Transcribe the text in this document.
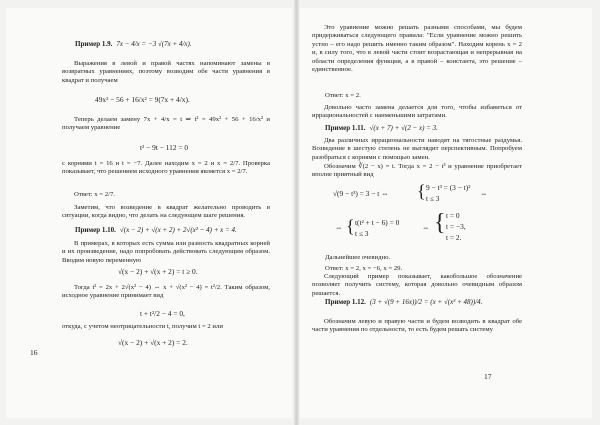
Пример 1.9. 7x − 4/x = −3 √(7x + 4/x).
Выражения в левой и правой частях напоминают замены в возвратных уравнениях, поэтому возводим обе части уравнения в квадрат и получаем
49x² − 56 + 16/x² = 9(7x + 4/x).
Теперь делаем замену 7x + 4/x = t ⇒ t² = 49x² + 56 + 16/x² и получаем уравнение
t² − 9t − 112 = 0
с корнями t = 16 и t = −7. Далее находим x = 2 и x = 2/7. Проверка показывает, что решением исходного уравнения является x = 2/7.
Ответ: x = 2/7.
Заметим, что возведение в квадрат желательно проводить в ситуации, когда видно, что делать на следующем шаге решения.
Пример 1.10. √(x − 2) + √(x + 2) + 2√(x² − 4) + x = 4.
В примерах, в которых есть сумма или разность квадратных корней и их произведение, надо попробовать действовать следующим образом. Вводим новую переменную
√(x − 2) + √(x + 2) = t ≥ 0.
Тогда t² = 2x + 2√(x² − 4) ⇔ x + √(x² − 4) = t²/2. Таким образом, исходное уравнение принимает вид
t + t²/2 − 4 = 0,
откуда, с учетом неотрицательности t, получим t = 2 или
√(x − 2) + √(x + 2) = 2.
16
Это уравнение можно решать разными способами, мы будем придерживаться следующего правила: "Если уравнение можно решить устно – его надо решить именно таким образом". Находим корень x = 2 и, в силу того, что в левой части стоит возрастающая и непрерывная на области определения функция, а в правой – константа, это решение – единственное.
Ответ: x = 2.
Довольно часто замена делается для того, чтобы избавиться от иррациональностей с наименьшими затратами.
Пример 1.11. √(x + 7) + √(2 − x) = 3.
Два различных иррациональности наводят на тягостные раздумья. Возведение в шестую степень не выглядит перспективным. Попробуем разобраться с корнями с помощью замен.
Обозначим ∛(2 − x) = t. Тогда x = 2 − t³ и уравнение приобретает вполне приятный вид
√(9 − t³) = 3 − t ⇔ { 9 − t³ = (3 − t)²
t ≤ 3
⇔
⇔ { t(t² + t − 6) = 0
t ≤ 3
⇔ { t = 0
t = −3,
t = 2.
Дальнейшее очевидно.
Ответ: x = 2, x = −6, x = 29.
Следующий пример показывает, какобольшое обозначение позволяет получить систему, которая довольно очевидным образом решается.
Пример 1.12. (3 + √(9 + 16x))/2 = (x + √(x² + 48))/4.
Обозначим левую и правую части и будем возводить в квадрат обе части уравнения по отдельности, то есть будем решать систему
17
